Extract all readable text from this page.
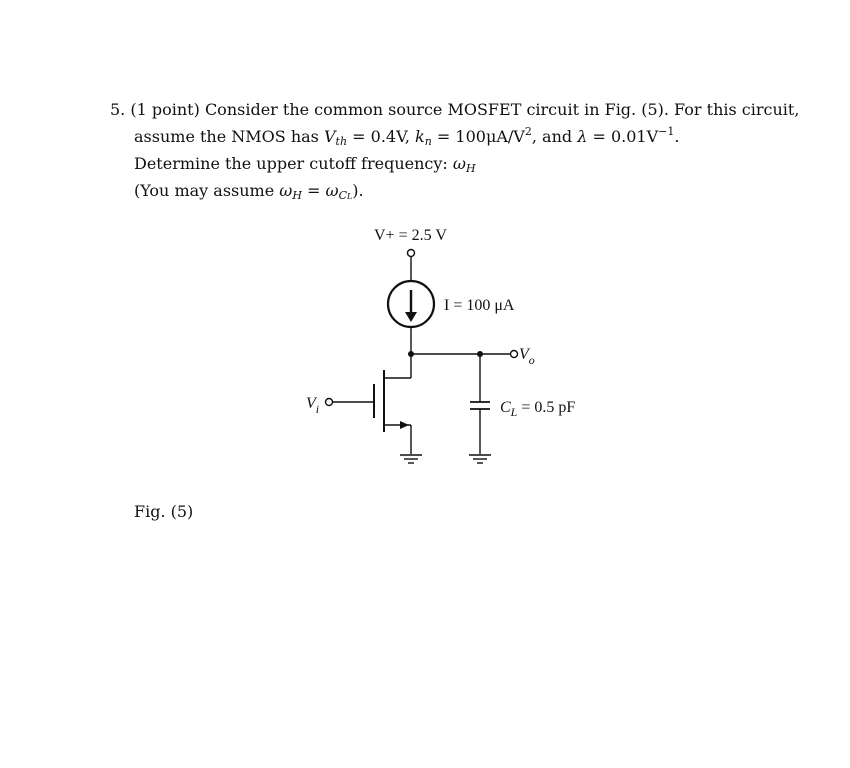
5. (1 point) Consider the common source MOSFET circuit in Fig. (5). For this circuit,
assume the NMOS has $V_{th} = 0.4V$, $k_n = 100\mu A/V^2$, and $\lambda = 0.01V^{-1}$.
Determine the upper cutoff frequency: $\omega_H$
(You may assume $\omega_H = \omega_{CL}$).
V+ = 2.5 V
I = 100 μA
$V_o$
$V_i$	$C_L = 0.5$ pF
Fig. (5)
